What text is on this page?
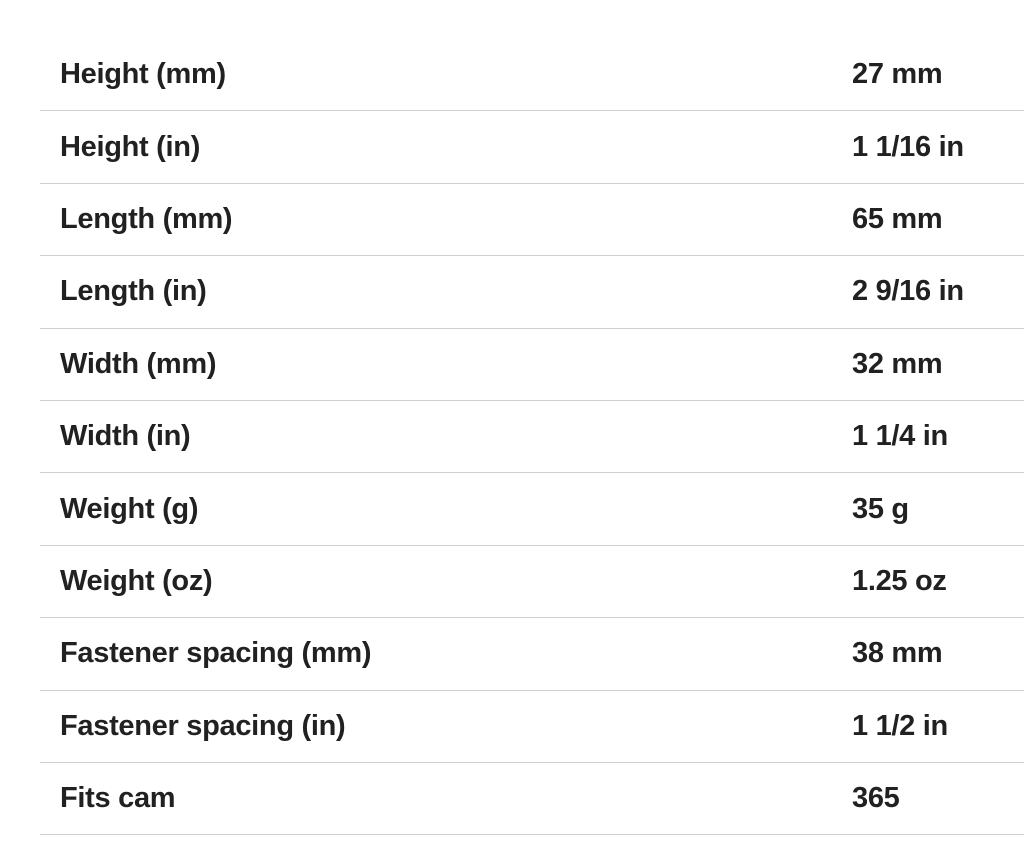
Height (mm)	27 mm
Height (in)	1 1/16 in
Length (mm)	65 mm
Length (in)	2 9/16 in
Width (mm)	32 mm
Width (in)	1 1/4 in
Weight (g)	35 g
Weight (oz)	1.25 oz
Fastener spacing (mm)	38 mm
Fastener spacing (in)	1 1/2 in
Fits cam	365
